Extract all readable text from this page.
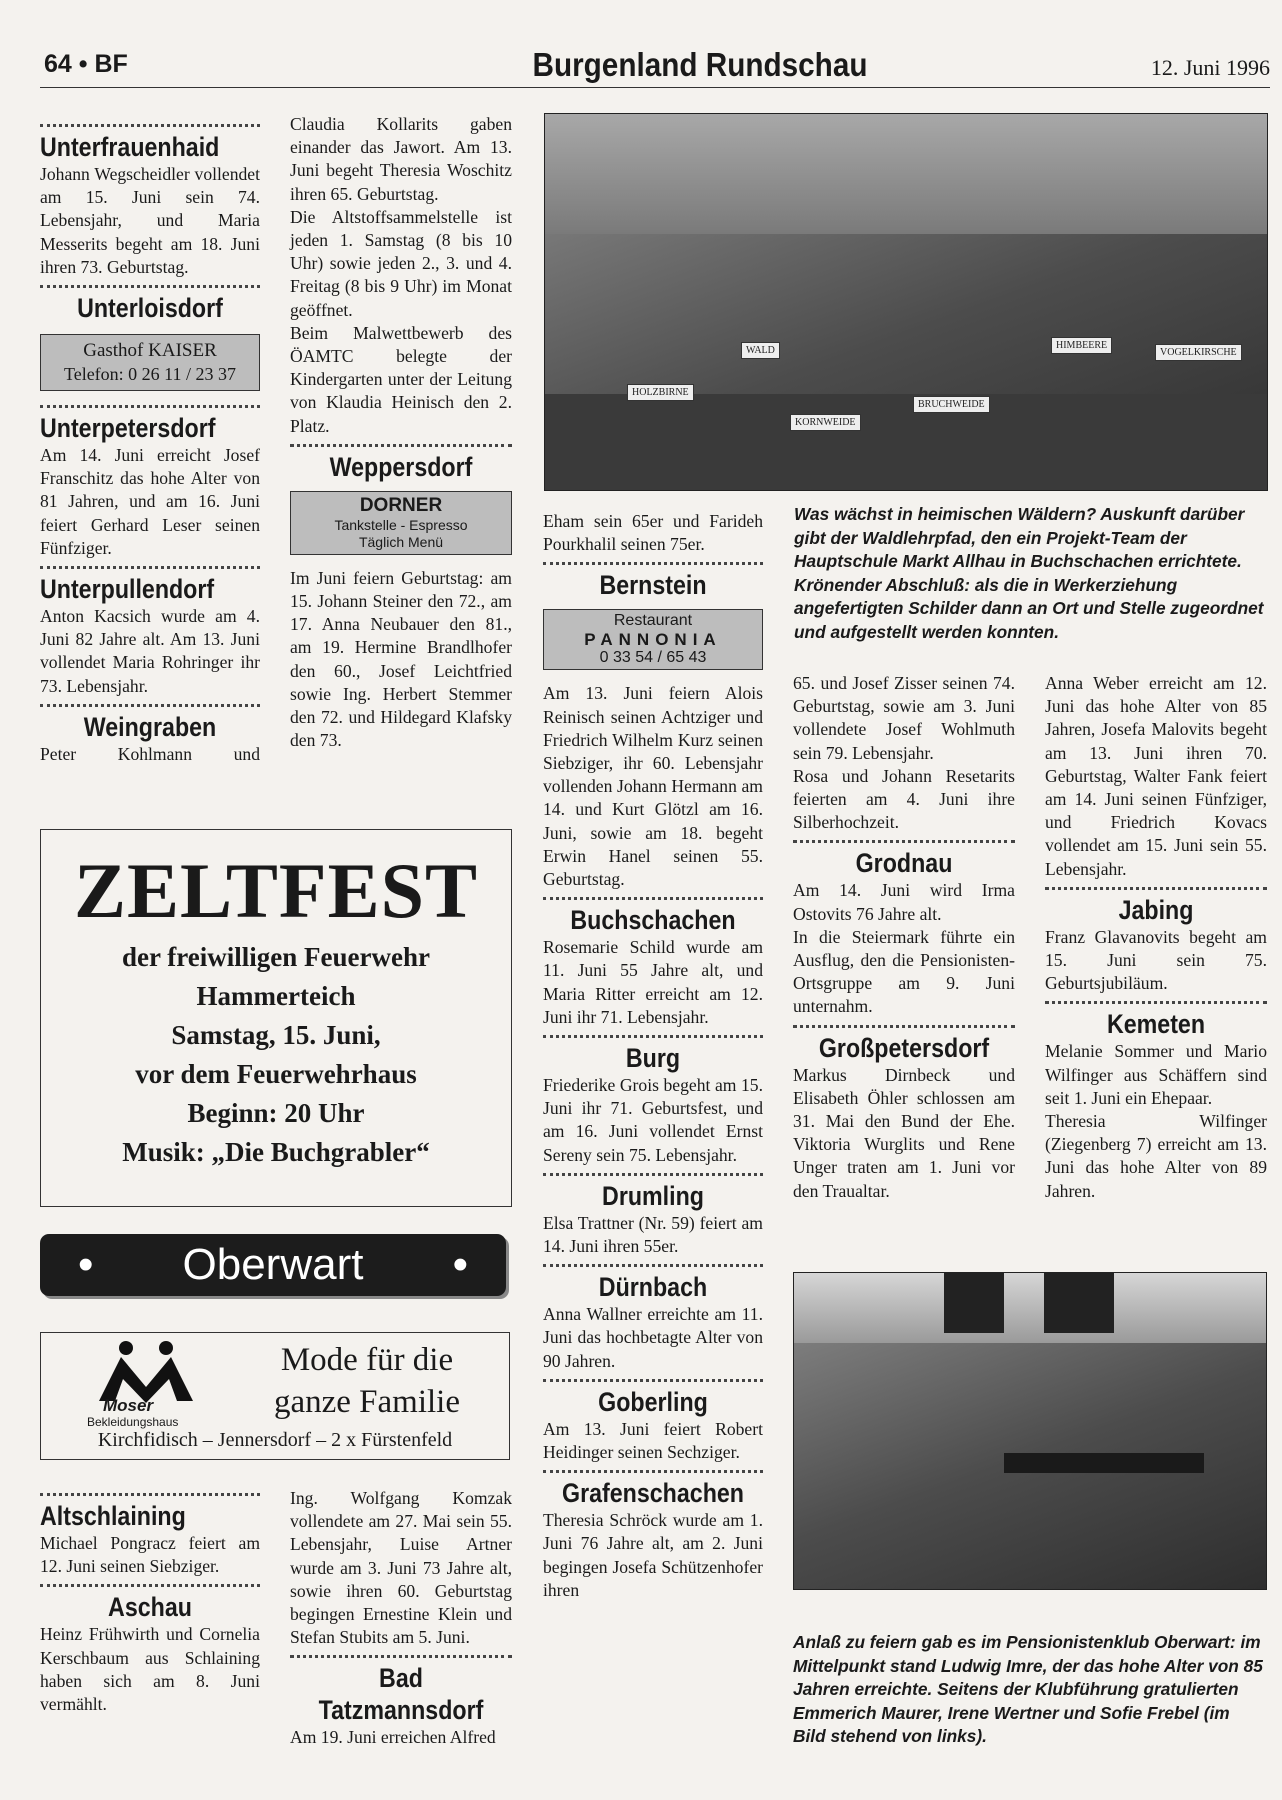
64 • BF	Burgenland Rundschau	12. Juni 1996
Unterfrauenhaid

Johann Wegscheidler vollendet am 15. Juni sein 74. Lebensjahr, und Maria Messerits begeht am 18. Juni ihren 73. Geburtstag.

Unterloisdorf
Gasthof KAISER
Telefon: 0 26 11 / 23 37
Unterpetersdorf

Am 14. Juni erreicht Josef Franschitz das hohe Alter von 81 Jahren, und am 16. Juni feiert Gerhard Leser seinen Fünfziger.

Unterpullendorf

Anton Kacsich wurde am 4. Juni 82 Jahre alt. Am 13. Juni vollendet Maria Rohringer ihr 73. Lebensjahr.

Weingraben

Peter Kohlmann und

Claudia Kollarits gaben einander das Jawort. Am 13. Juni begeht Theresia Woschitz ihren 65. Geburtstag.

Die Altstoffsammelstelle ist jeden 1. Samstag (8 bis 10 Uhr) sowie jeden 2., 3. und 4. Freitag (8 bis 9 Uhr) im Monat geöffnet.

Beim Malwettbewerb des ÖAMTC belegte der Kindergarten unter der Leitung von Klaudia Heinisch den 2. Platz.

Weppersdorf
DORNER
Tankstelle - Espresso
Täglich Menü

Im Juni feiern Geburtstag: am 15. Johann Steiner den 72., am 17. Anna Neubauer den 81., am 19. Hermine Brandlhofer den 60., Josef Leichtfried sowie Ing. Herbert Stemmer den 72. und Hildegard Klafsky den 73.

HOLZBIRNE
KORNWEIDE
BRUCHWEIDE
HIMBEERE
VOGELKIRSCHE
WALD
Was wächst in heimischen Wäldern? Auskunft darüber gibt der Waldlehrpfad, den ein Projekt-Team der Hauptschule Markt Allhau in Buchschachen errichtete. Krönender Abschluß: als die in Werkerziehung angefertigten Schilder dann an Ort und Stelle zugeordnet und aufgestellt werden konnten.

Eham sein 65er und Farideh Pourkhalil seinen 75er.

Bernstein
Restaurant
PANNONIA
0 33 54 / 65 43

Am 13. Juni feiern Alois Reinisch seinen Achtziger und Friedrich Wilhelm Kurz seinen Siebziger, ihr 60. Lebensjahr vollenden Johann Hermann am 14. und Kurt Glötzl am 16. Juni, sowie am 18. begeht Erwin Hanel seinen 55. Geburtstag.

Buchschachen

Rosemarie Schild wurde am 11. Juni 55 Jahre alt, und Maria Ritter erreicht am 12. Juni ihr 71. Lebensjahr.

Burg

Friederike Grois begeht am 15. Juni ihr 71. Geburtsfest, und am 16. Juni vollendet Ernst Sereny sein 75. Lebensjahr.

Drumling

Elsa Trattner (Nr. 59) feiert am 14. Juni ihren 55er.

Dürnbach

Anna Wallner erreichte am 11. Juni das hochbetagte Alter von 90 Jahren.

Goberling

Am 13. Juni feiert Robert Heidinger seinen Sechziger.

Grafenschachen

Theresia Schröck wurde am 1. Juni 76 Jahre alt, am 2. Juni begingen Josefa Schützenhofer ihren

65. und Josef Zisser seinen 74. Geburtstag, sowie am 3. Juni vollendete Josef Wohlmuth sein 79. Lebensjahr.

Rosa und Johann Resetarits feierten am 4. Juni ihre Silberhochzeit.

Grodnau

Am 14. Juni wird Irma Ostovits 76 Jahre alt.

In die Steiermark führte ein Ausflug, den die Pensionisten-Ortsgruppe am 9. Juni unternahm.

Großpetersdorf

Markus Dirnbeck und Elisabeth Öhler schlossen am 31. Mai den Bund der Ehe. Viktoria Wurglits und Rene Unger traten am 1. Juni vor den Traualtar.

Anna Weber erreicht am 12. Juni das hohe Alter von 85 Jahren, Josefa Malovits begeht am 13. Juni ihren 70. Geburtstag, Walter Fank feiert am 14. Juni seinen Fünfziger, und Friedrich Kovacs vollendet am 15. Juni sein 55. Lebensjahr.

Jabing

Franz Glavanovits begeht am 15. Juni sein 75. Geburtsjubiläum.

Kemeten

Melanie Sommer und Mario Wilfinger aus Schäffern sind seit 1. Juni ein Ehepaar.

Theresia Wilfinger (Ziegenberg 7) erreicht am 13. Juni das hohe Alter von 89 Jahren.

Anlaß zu feiern gab es im Pensionistenklub Oberwart: im Mittelpunkt stand Ludwig Imre, der das hohe Alter von 85 Jahren erreichte. Seitens der Klubführung gratulierten Emmerich Maurer, Irene Wertner und Sofie Frebel (im Bild stehend von links).
ZELTFEST
der freiwilligen Feuerwehr
Hammerteich
Samstag, 15. Juni,
vor dem Feuerwehrhaus
Beginn: 20 Uhr
Musik: „Die Buchgrabler“
• Oberwart •
Moser
Bekleidungshaus
Mode für die
ganze Familie
Kirchfidisch – Jennersdorf – 2 x Fürstenfeld
Altschlaining

Michael Pongracz feiert am 12. Juni seinen Siebziger.

Aschau

Heinz Frühwirth und Cornelia Kerschbaum aus Schlaining haben sich am 8. Juni vermählt.

Ing. Wolfgang Komzak vollendete am 27. Mai sein 55. Lebensjahr, Luise Artner wurde am 3. Juni 73 Jahre alt, sowie ihren 60. Geburtstag begingen Ernestine Klein und Stefan Stubits am 5. Juni.

Bad Tatzmannsdorf

Am 19. Juni erreichen Alfred
